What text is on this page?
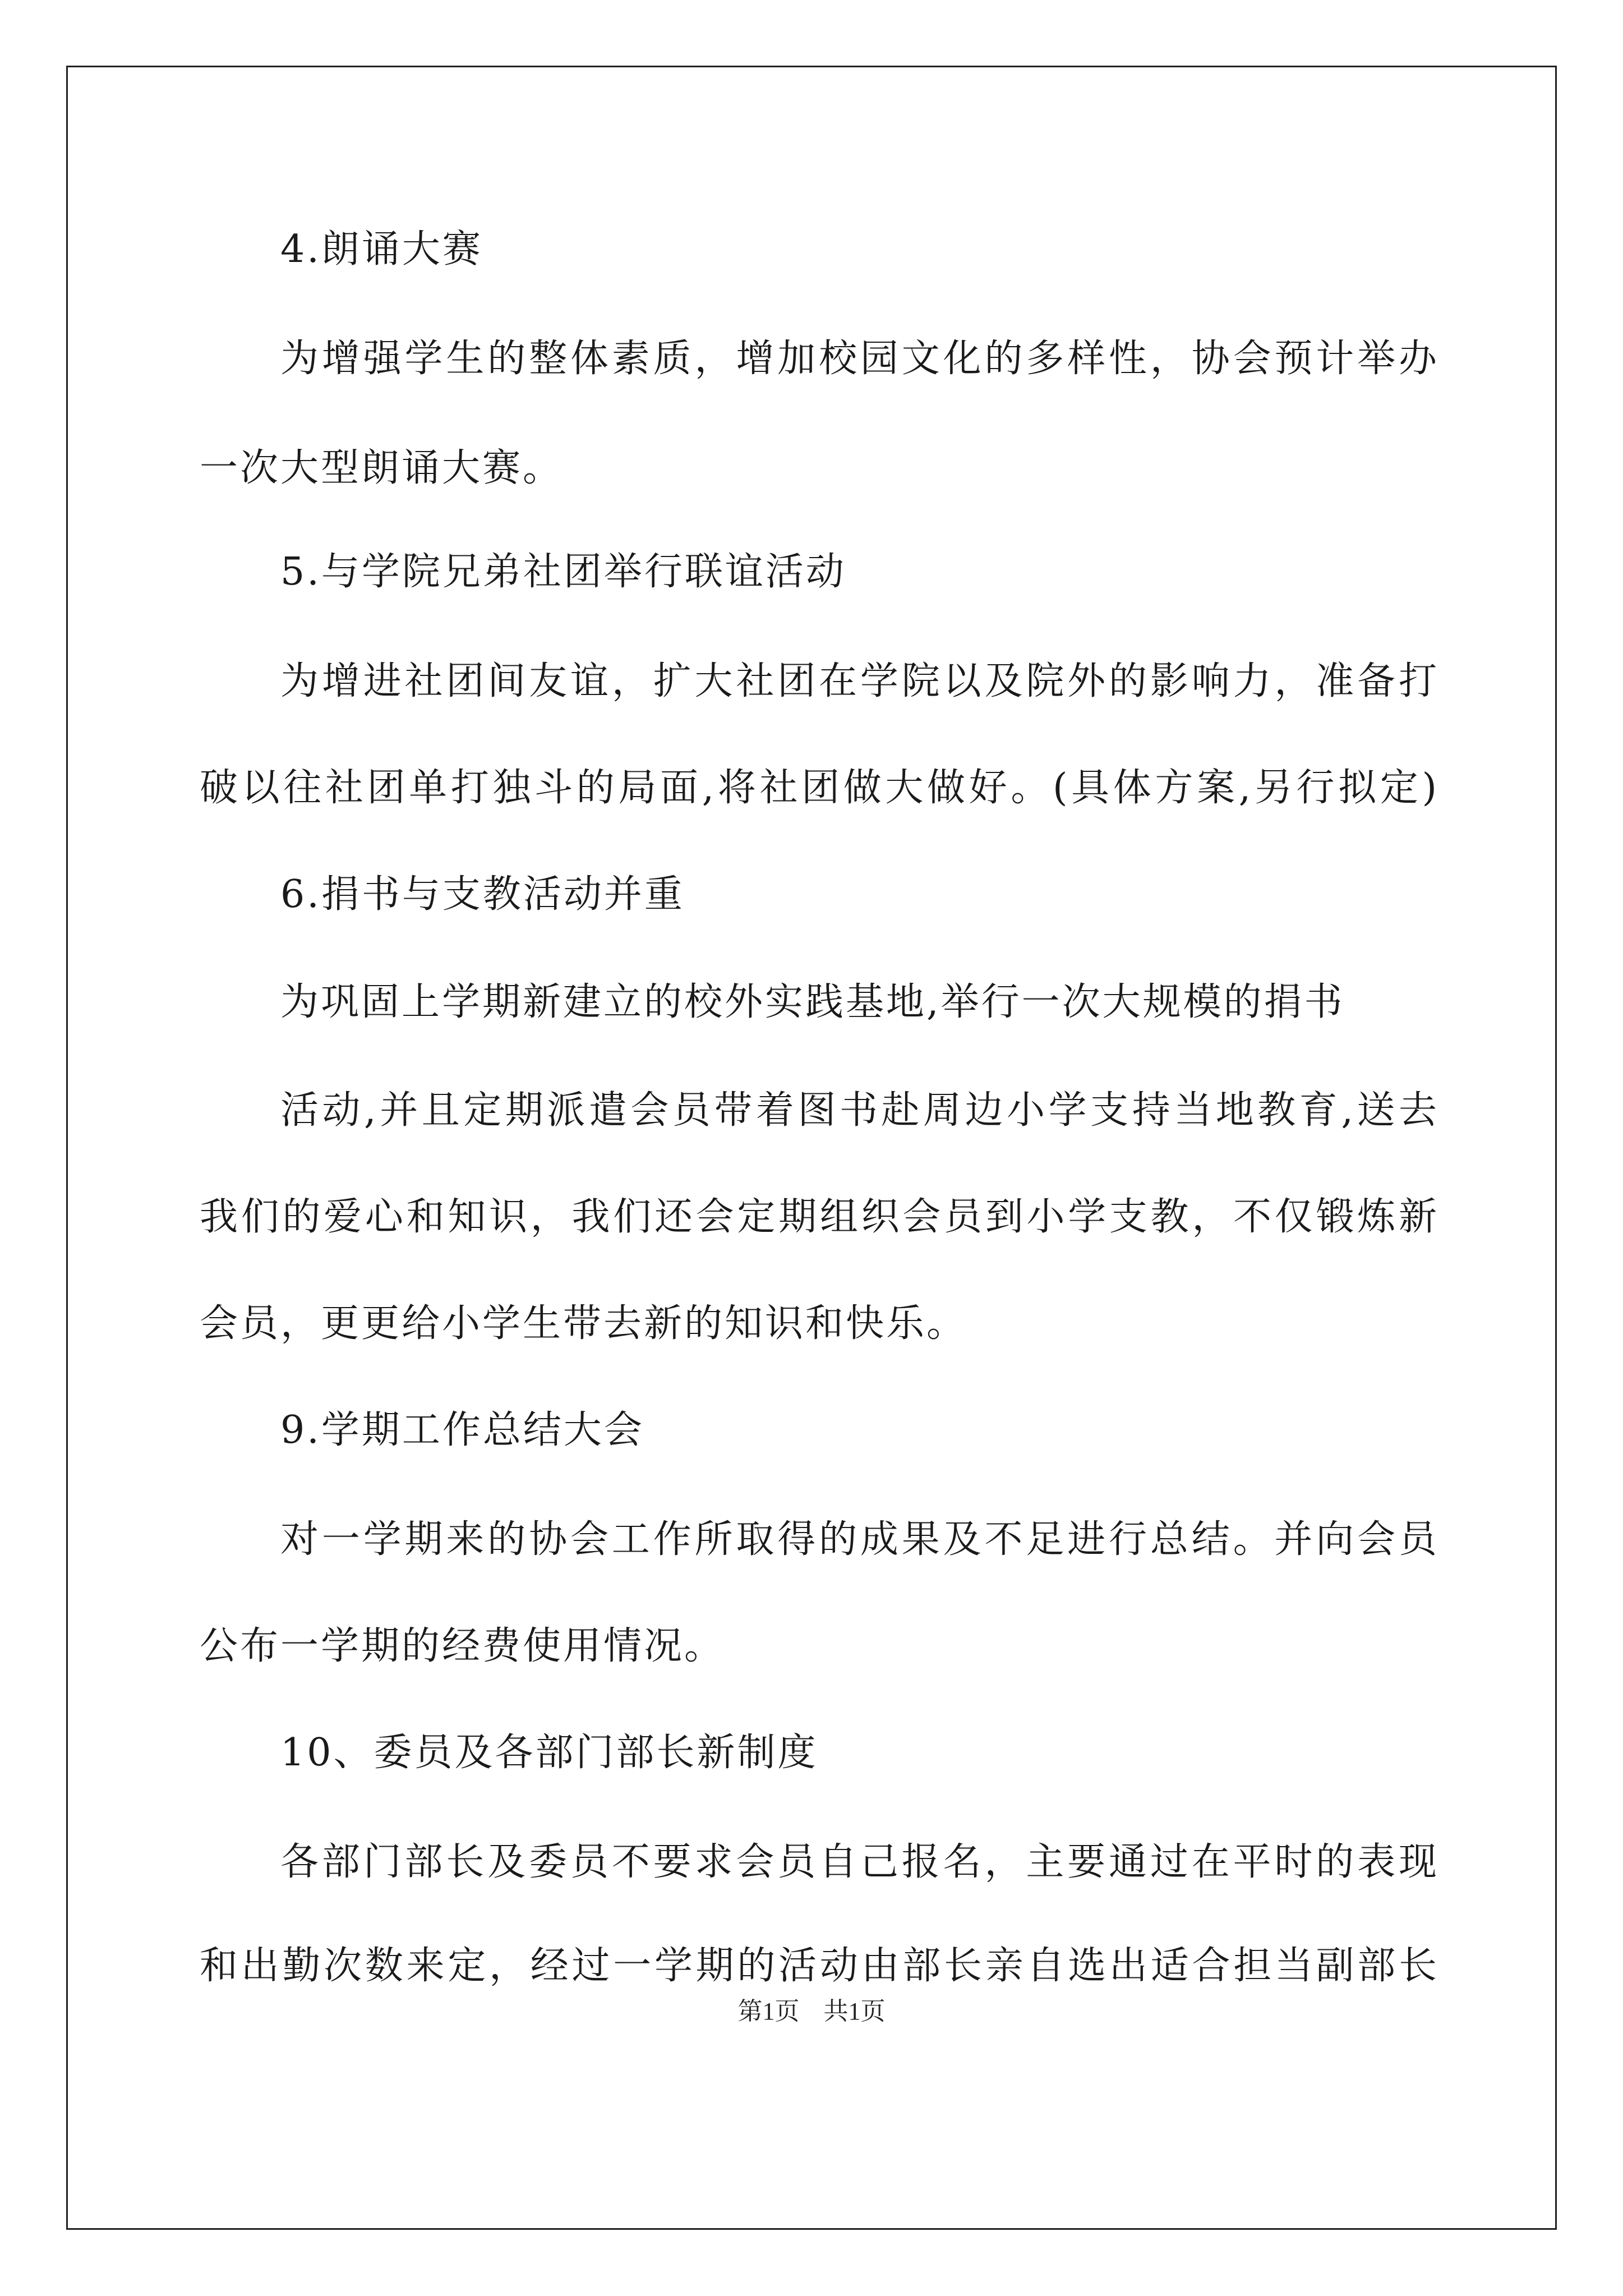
4.朗诵大赛
为增强学生的整体素质，增加校园文化的多样性，协会预计举办
一次大型朗诵大赛。
5.与学院兄弟社团举行联谊活动
为增进社团间友谊，扩大社团在学院以及院外的影响力，准备打
破以往社团单打独斗的局面,将社团做大做好。(具体方案,另行拟定)
6.捐书与支教活动并重
为巩固上学期新建立的校外实践基地,举行一次大规模的捐书
活动,并且定期派遣会员带着图书赴周边小学支持当地教育,送去
我们的爱心和知识，我们还会定期组织会员到小学支教，不仅锻炼新
会员，更更给小学生带去新的知识和快乐。
9.学期工作总结大会
对一学期来的协会工作所取得的成果及不足进行总结。并向会员
公布一学期的经费使用情况。
10、委员及各部门部长新制度
各部门部长及委员不要求会员自己报名，主要通过在平时的表现
和出勤次数来定，经过一学期的活动由部长亲自选出适合担当副部长
第1页 共1页
